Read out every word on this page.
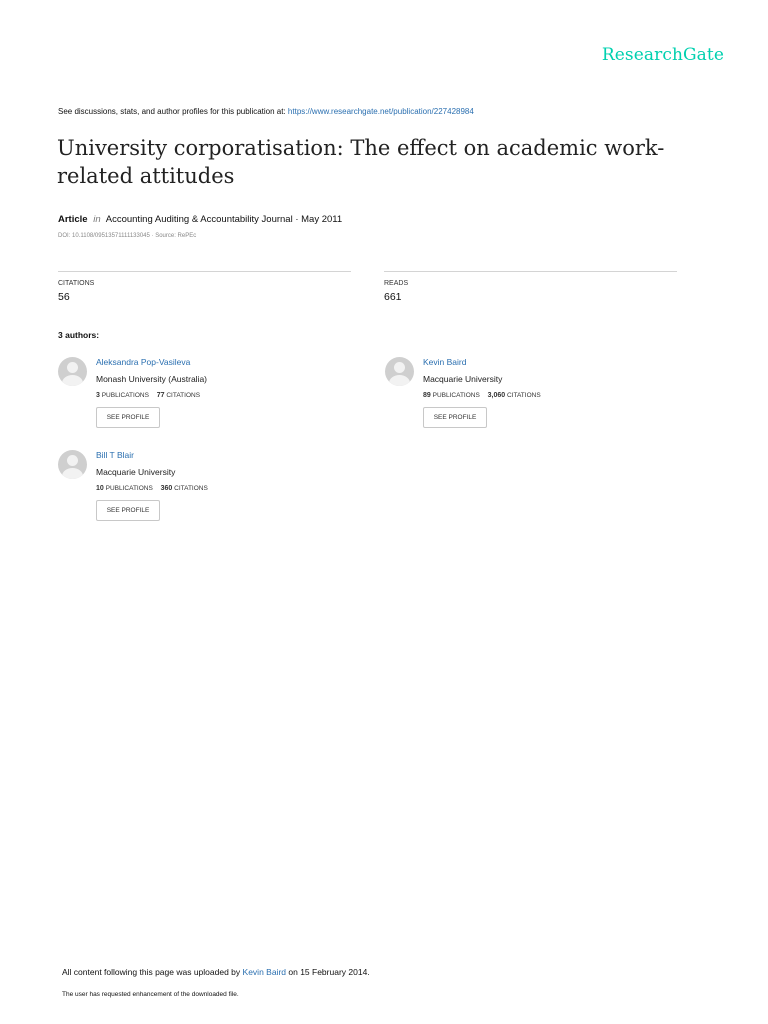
ResearchGate
See discussions, stats, and author profiles for this publication at: https://www.researchgate.net/publication/227428984
University corporatisation: The effect on academic work-related attitudes
Article in Accounting Auditing & Accountability Journal · May 2011
DOI: 10.1108/09513571111133045 · Source: RePEc
CITATIONS
56
READS
661
3 authors:
Aleksandra Pop-Vasileva
Monash University (Australia)
3 PUBLICATIONS 77 CITATIONS
SEE PROFILE
Kevin Baird
Macquarie University
89 PUBLICATIONS 3,060 CITATIONS
SEE PROFILE
Bill T Blair
Macquarie University
10 PUBLICATIONS 360 CITATIONS
SEE PROFILE
All content following this page was uploaded by Kevin Baird on 15 February 2014.
The user has requested enhancement of the downloaded file.
